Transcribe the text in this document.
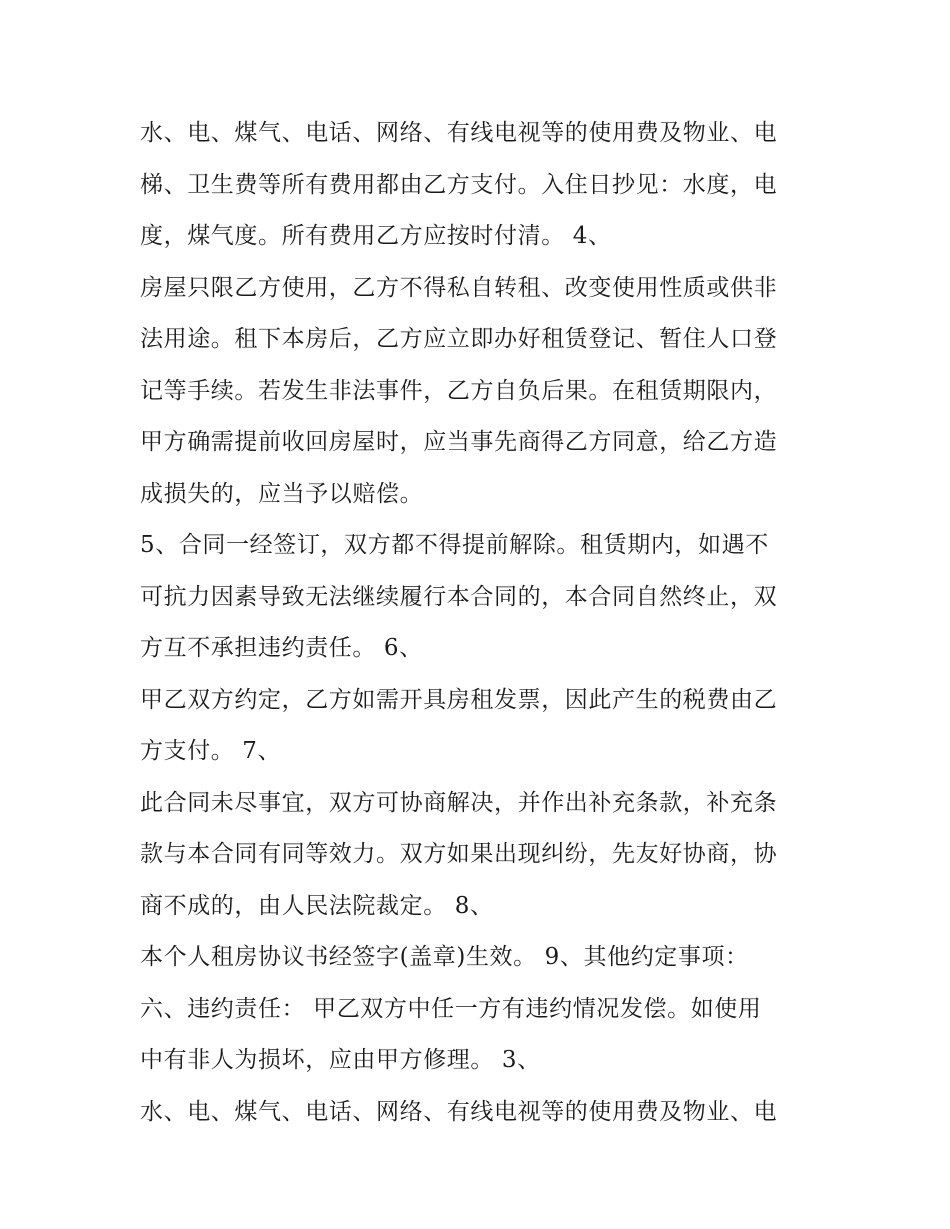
水、电、煤气、电话、网络、有线电视等的使用费及物业、电
梯、卫生费等所有费用都由乙方支付。入住日抄见：水度，电
度，煤气度。所有费用乙方应按时付清。 4、
房屋只限乙方使用，乙方不得私自转租、改变使用性质或供非
法用途。租下本房后，乙方应立即办好租赁登记、暂住人口登
记等手续。若发生非法事件，乙方自负后果。在租赁期限内，
甲方确需提前收回房屋时，应当事先商得乙方同意，给乙方造
成损失的，应当予以赔偿。
5、合同一经签订，双方都不得提前解除。租赁期内，如遇不
可抗力因素导致无法继续履行本合同的，本合同自然终止，双
方互不承担违约责任。 6、
甲乙双方约定，乙方如需开具房租发票，因此产生的税费由乙
方支付。 7、
此合同未尽事宜，双方可协商解决，并作出补充条款，补充条
款与本合同有同等效力。双方如果出现纠纷，先友好协商，协
商不成的，由人民法院裁定。 8、
本个人租房协议书经签字(盖章)生效。 9、其他约定事项：
六、违约责任： 甲乙双方中任一方有违约情况发偿。如使用
中有非人为损坏，应由甲方修理。 3、
水、电、煤气、电话、网络、有线电视等的使用费及物业、电
